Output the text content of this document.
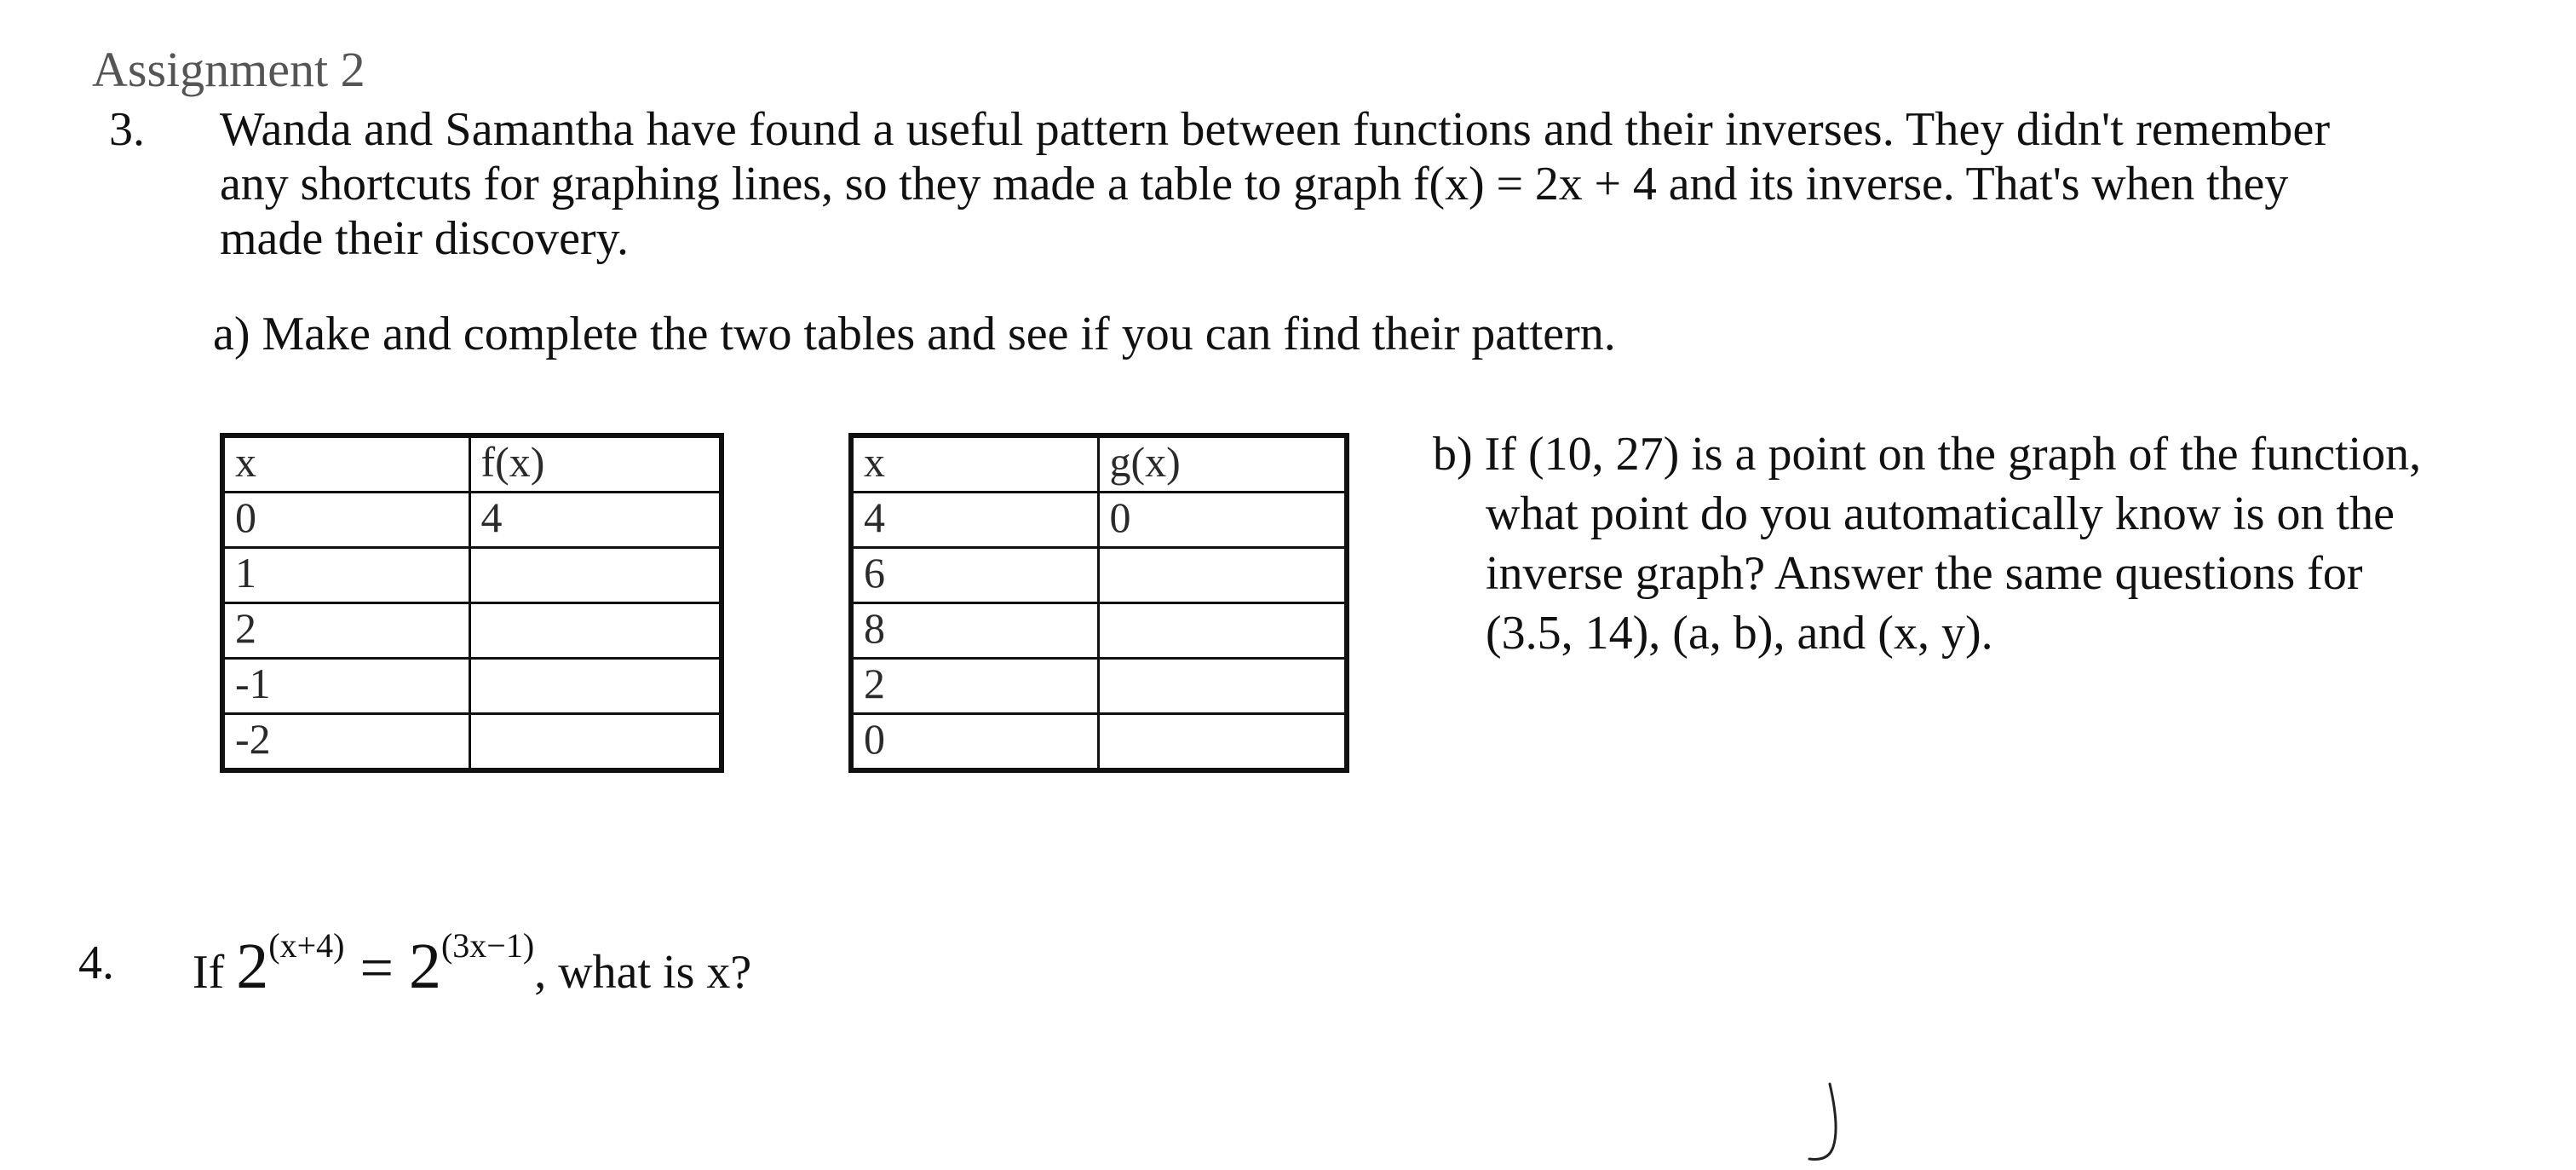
Assignment 2
3. Wanda and Samantha have found a useful pattern between functions and their inverses. They didn't remember
any shortcuts for graphing lines, so they made a table to graph f(x) = 2x + 4 and its inverse. That's when they
made their discovery.
a) Make and complete the two tables and see if you can find their pattern.
x	f(x)
0	4
1	
2	
-1	
-2	
x	g(x)
4	0
6	
8	
2	
0	
b) If (10, 27) is a point on the graph of the function,
what point do you automatically know is on the
inverse graph? Answer the same questions for
(3.5, 14), (a, b), and (x, y).
4. If $2^{(x+4)} = 2^{(3x-1)}$, what is x?
